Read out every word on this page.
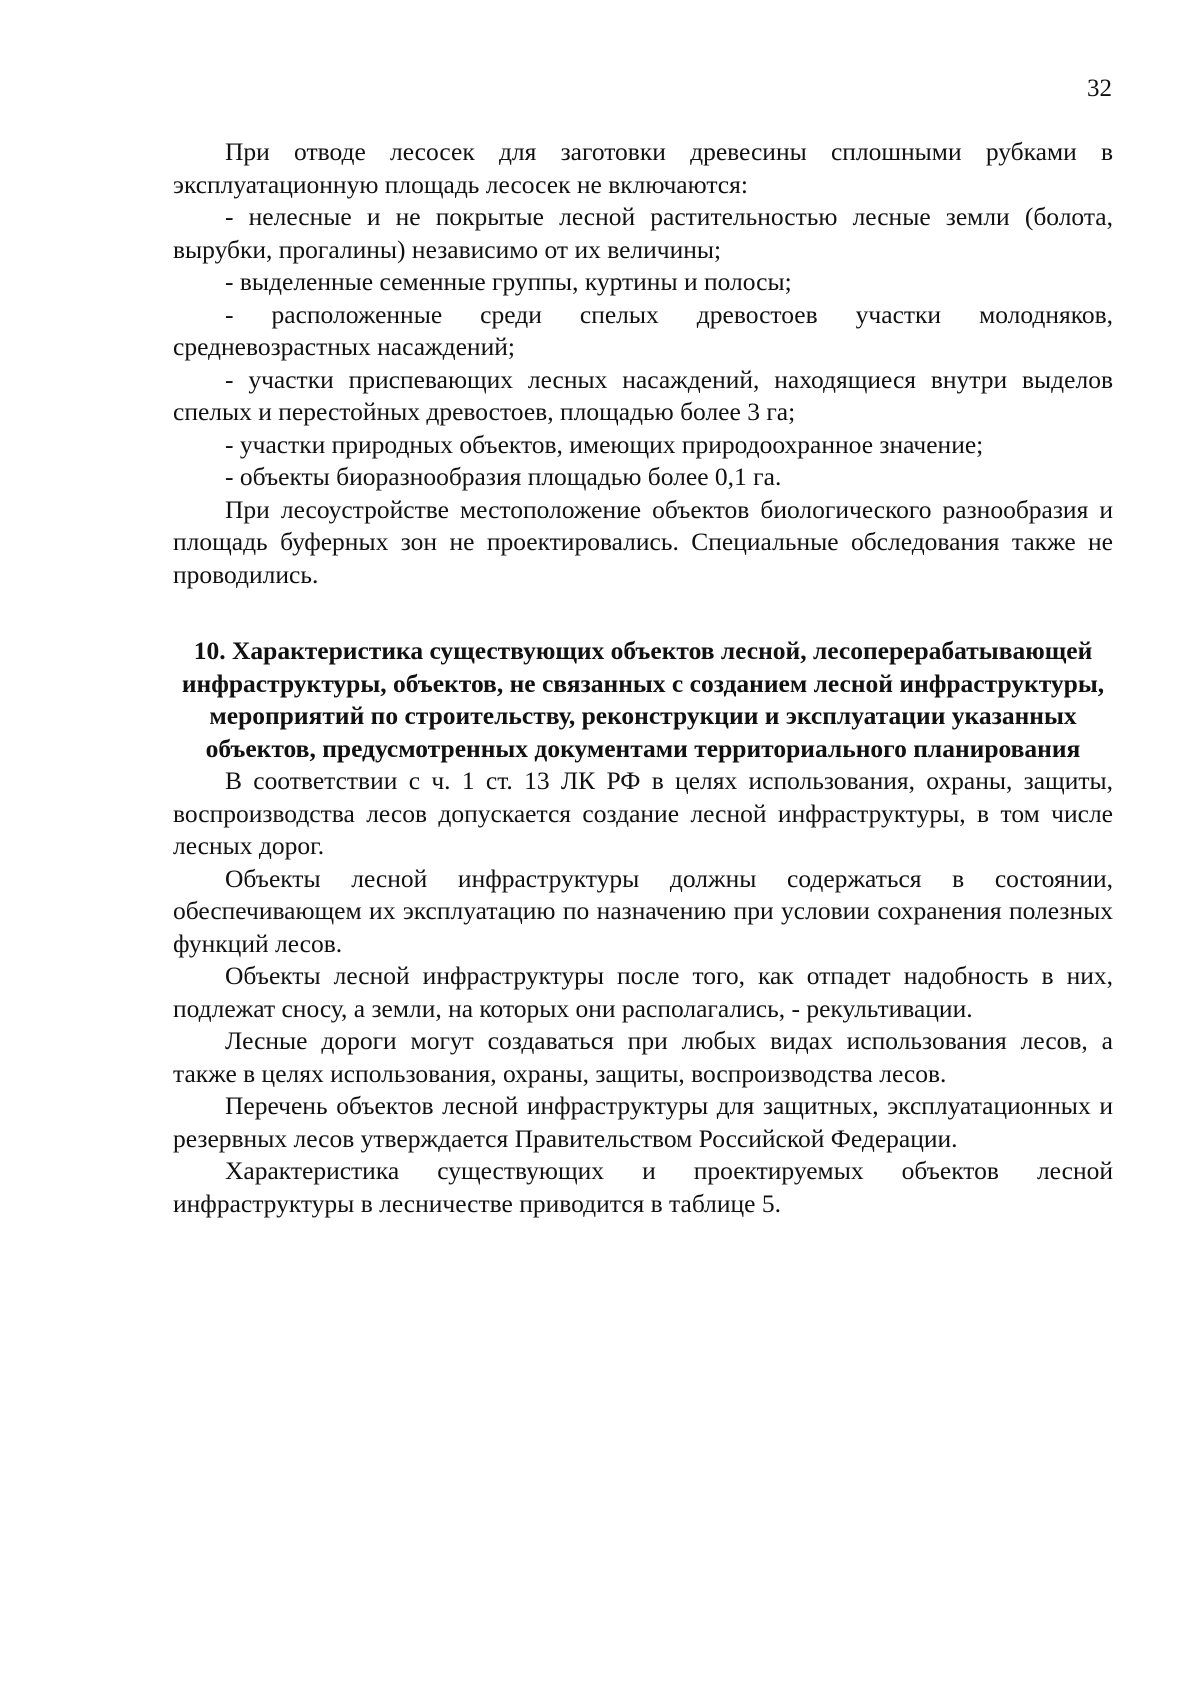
32

При отводе лесосек для заготовки древесины сплошными рубками в эксплуатационную площадь лесосек не включаются:

- нелесные и не покрытые лесной растительностью лесные земли (болота, вырубки, прогалины) независимо от их величины;

- выделенные семенные группы, куртины и полосы;

- расположенные среди спелых древостоев участки молодняков, средневозрастных насаждений;

- участки приспевающих лесных насаждений, находящиеся внутри выделов спелых и перестойных древостоев, площадью более 3 га;

- участки природных объектов, имеющих природоохранное значение;

- объекты биоразнообразия площадью более 0,1 га.

При лесоустройстве местоположение объектов биологического разнообразия и площадь буферных зон не проектировались. Специальные обследования также не проводились.

10. Характеристика существующих объектов лесной, лесоперерабатывающей инфраструктуры, объектов, не связанных с созданием лесной инфраструктуры, мероприятий по строительству, реконструкции и эксплуатации указанных объектов, предусмотренных документами территориального планирования

В соответствии с ч. 1 ст. 13 ЛК РФ в целях использования, охраны, защиты, воспроизводства лесов допускается создание лесной инфраструктуры, в том числе лесных дорог.

Объекты лесной инфраструктуры должны содержаться в состоянии, обеспечивающем их эксплуатацию по назначению при условии сохранения полезных функций лесов.

Объекты лесной инфраструктуры после того, как отпадет надобность в них, подлежат сносу, а земли, на которых они располагались, - рекультивации.

Лесные дороги могут создаваться при любых видах использования лесов, а также в целях использования, охраны, защиты, воспроизводства лесов.

Перечень объектов лесной инфраструктуры для защитных, эксплуатационных и резервных лесов утверждается Правительством Российской Федерации.

Характеристика существующих и проектируемых объектов лесной инфраструктуры в лесничестве приводится в таблице 5.
